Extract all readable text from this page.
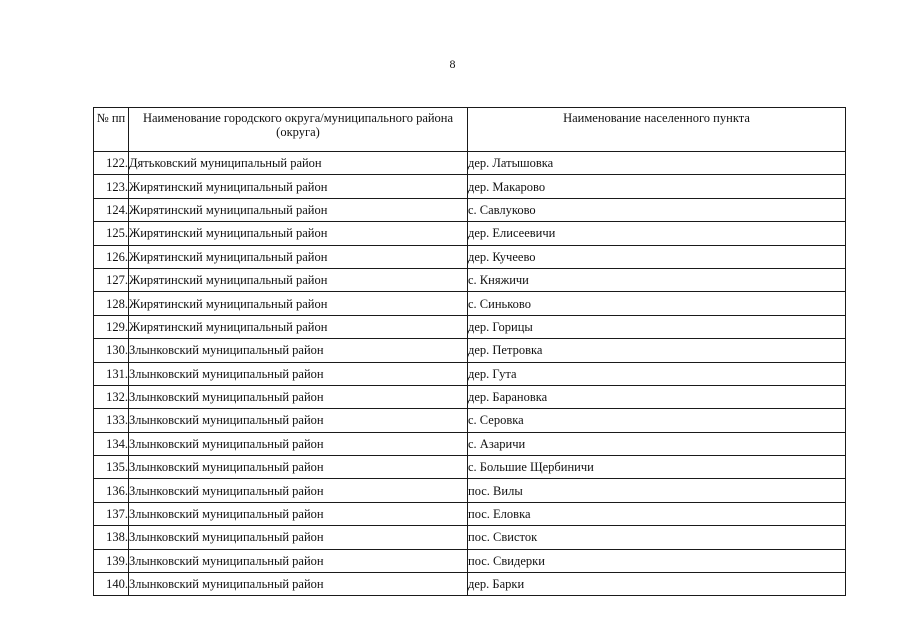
8
№ пп	Наименование городского округа/муниципального района (округа)	Наименование населенного пункта
122.	Дятьковский муниципальный район	дер. Латышовка
123.	Жирятинский муниципальный район	дер. Макарово
124.	Жирятинский муниципальный район	с. Савлуково
125.	Жирятинский муниципальный район	дер. Елисеевичи
126.	Жирятинский муниципальный район	дер. Кучеево
127.	Жирятинский муниципальный район	с. Княжичи
128.	Жирятинский муниципальный район	с. Синьково
129.	Жирятинский муниципальный район	дер. Горицы
130.	Злынковский муниципальный район	дер. Петровка
131.	Злынковский муниципальный район	дер. Гута
132.	Злынковский муниципальный район	дер. Барановка
133.	Злынковский муниципальный район	с. Серовка
134.	Злынковский муниципальный район	с. Азаричи
135.	Злынковский муниципальный район	с. Большие Щербиничи
136.	Злынковский муниципальный район	пос. Вилы
137.	Злынковский муниципальный район	пос. Еловка
138.	Злынковский муниципальный район	пос. Свисток
139.	Злынковский муниципальный район	пос. Свидерки
140.	Злынковский муниципальный район	дер. Барки
